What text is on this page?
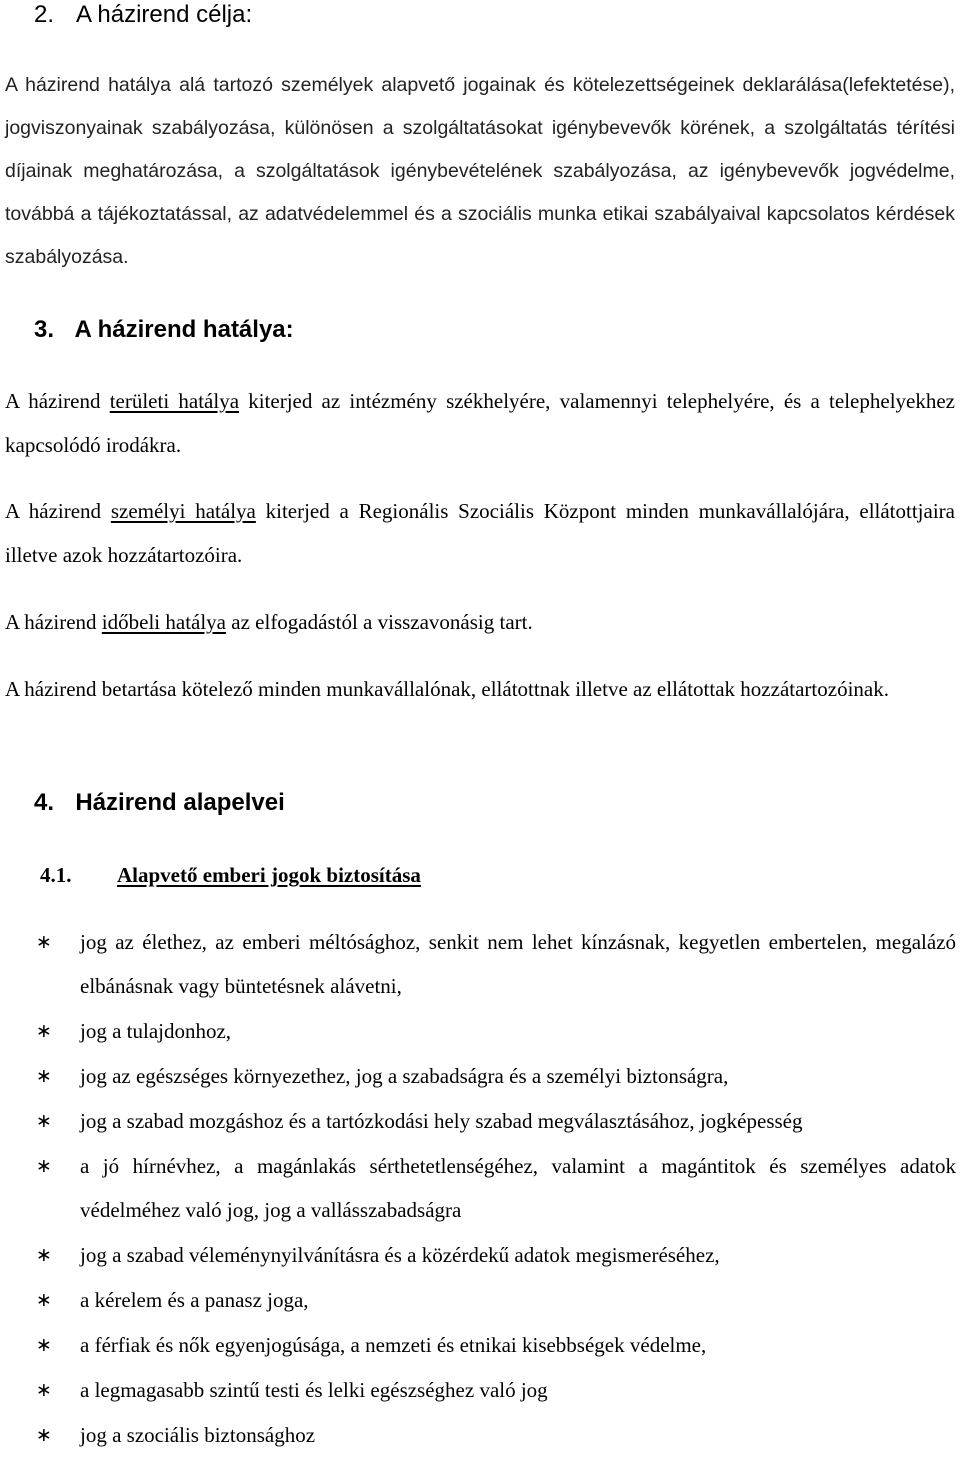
2. A házirend célja:

A házirend hatálya alá tartozó személyek alapvető jogainak és kötelezettségeinek deklarálása(lefektetése), jogviszonyainak szabályozása, különösen a szolgáltatásokat igénybevevők körének, a szolgáltatás térítési díjainak meghatározása, a szolgáltatások igénybevételének szabályozása, az igénybevevők jogvédelme, továbbá a tájékoztatással, az adatvédelemmel és a szociális munka etikai szabályaival kapcsolatos kérdések szabályozása.

3. A házirend hatálya:

A házirend területi hatálya kiterjed az intézmény székhelyére, valamennyi telephelyére, és a telephelyekhez kapcsolódó irodákra.

A házirend személyi hatálya kiterjed a Regionális Szociális Központ minden munkavállalójára, ellátottjaira illetve azok hozzátartozóira.

A házirend időbeli hatálya az elfogadástól a visszavonásig tart.

A házirend betartása kötelező minden munkavállalónak, ellátottnak illetve az ellátottak hozzátartozóinak.

4. Házirend alapelvei
4.1. Alapvető emberi jogok biztosítása
∗ jog az élethez, az emberi méltósághoz, senkit nem lehet kínzásnak, kegyetlen embertelen, megalázó elbánásnak vagy büntetésnek alávetni,
∗ jog a tulajdonhoz,
∗ jog az egészséges környezethez, jog a szabadságra és a személyi biztonságra,
∗ jog a szabad mozgáshoz és a tartózkodási hely szabad megválasztásához, jogképesség
∗ a jó hírnévhez, a magánlakás sérthetetlenségéhez, valamint a magántitok és személyes adatok védelméhez való jog, jog a vallásszabadságra
∗ jog a szabad véleménynyilvánításra és a közérdekű adatok megismeréséhez,
∗ a kérelem és a panasz joga,
∗ a férfiak és nők egyenjogúsága, a nemzeti és etnikai kisebbségek védelme,
∗ a legmagasabb szintű testi és lelki egészséghez való jog
∗ jog a szociális biztonsághoz
